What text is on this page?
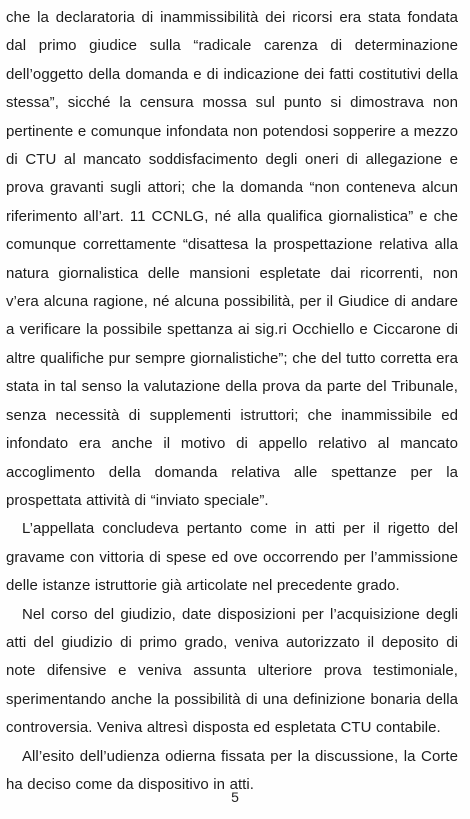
che la declaratoria di inammissibilità dei ricorsi era stata fondata dal primo giudice sulla “radicale carenza di determinazione dell’oggetto della domanda e di indicazione dei fatti costitutivi della stessa”, sicché la censura mossa sul punto si dimostrava non pertinente e comunque infondata non potendosi sopperire a mezzo di CTU al mancato soddisfacimento degli oneri di allegazione e prova gravanti sugli attori; che la domanda “non conteneva alcun riferimento all’art. 11 CCNLG, né alla qualifica giornalistica” e che comunque correttamente “disattesa la prospettazione relativa alla natura giornalistica delle mansioni espletate dai ricorrenti, non v’era alcuna ragione, né alcuna possibilità, per il Giudice di andare a verificare la possibile spettanza ai sig.ri Occhiello e Ciccarone di altre qualifiche pur sempre giornalistiche”; che del tutto corretta era stata in tal senso la valutazione della prova da parte del Tribunale, senza necessità di supplementi istruttori; che inammissibile ed infondato era anche il motivo di appello relativo al mancato accoglimento della domanda relativa alle spettanze per la prospettata attività di “inviato speciale”.

L’appellata concludeva pertanto come in atti per il rigetto del gravame con vittoria di spese ed ove occorrendo per l’ammissione delle istanze istruttorie già articolate nel precedente grado.

Nel corso del giudizio, date disposizioni per l’acquisizione degli atti del giudizio di primo grado, veniva autorizzato il deposito di note difensive e veniva assunta ulteriore prova testimoniale, sperimentando anche la possibilità di una definizione bonaria della controversia. Veniva altresì disposta ed espletata CTU contabile.

All’esito dell’udienza odierna fissata per la discussione, la Corte ha deciso come da dispositivo in atti.

5
